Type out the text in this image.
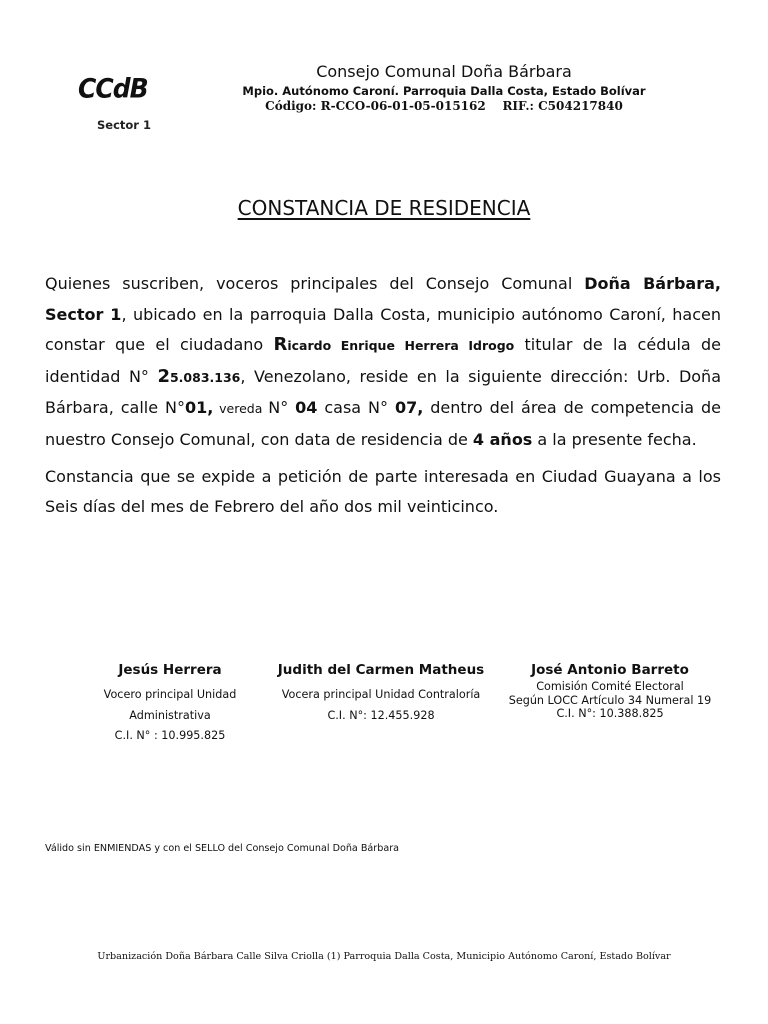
CCdB
Sector 1
Consejo Comunal Doña Bárbara
Mpio. Autónomo Caroní. Parroquia Dalla Costa, Estado Bolívar
Código: R-CCO-06-01-05-015162    RIF.: C504217840
CONSTANCIA DE RESIDENCIA
Quienes suscriben, voceros principales del Consejo Comunal Doña Bárbara, Sector 1, ubicado en la parroquia Dalla Costa, municipio autónomo Caroní, hacen constar que el ciudadano Ricardo Enrique Herrera Idrogo titular de la cédula de identidad N° 25.083.136, Venezolano, reside en la siguiente dirección: Urb. Doña Bárbara, calle N°01, vereda N° 04 casa N° 07, dentro del área de competencia de nuestro Consejo Comunal, con data de residencia de 4 años a la presente fecha.
Constancia que se expide a petición de parte interesada en Ciudad Guayana a los Seis días del mes de Febrero del año dos mil veinticinco.
Jesús Herrera
Vocero principal Unidad
Administrativa
C.I. N° : 10.995.825
Judith del Carmen Matheus
Vocera principal Unidad Contraloría
C.I. N°: 12.455.928
José Antonio Barreto
Comisión Comité Electoral
Según LOCC Artículo 34 Numeral 19
C.I. N°: 10.388.825
Válido sin ENMIENDAS y con el SELLO del Consejo Comunal Doña Bárbara
Urbanización Doña Bárbara Calle Silva Criolla (1) Parroquia Dalla Costa, Municipio Autónomo Caroní, Estado Bolívar
